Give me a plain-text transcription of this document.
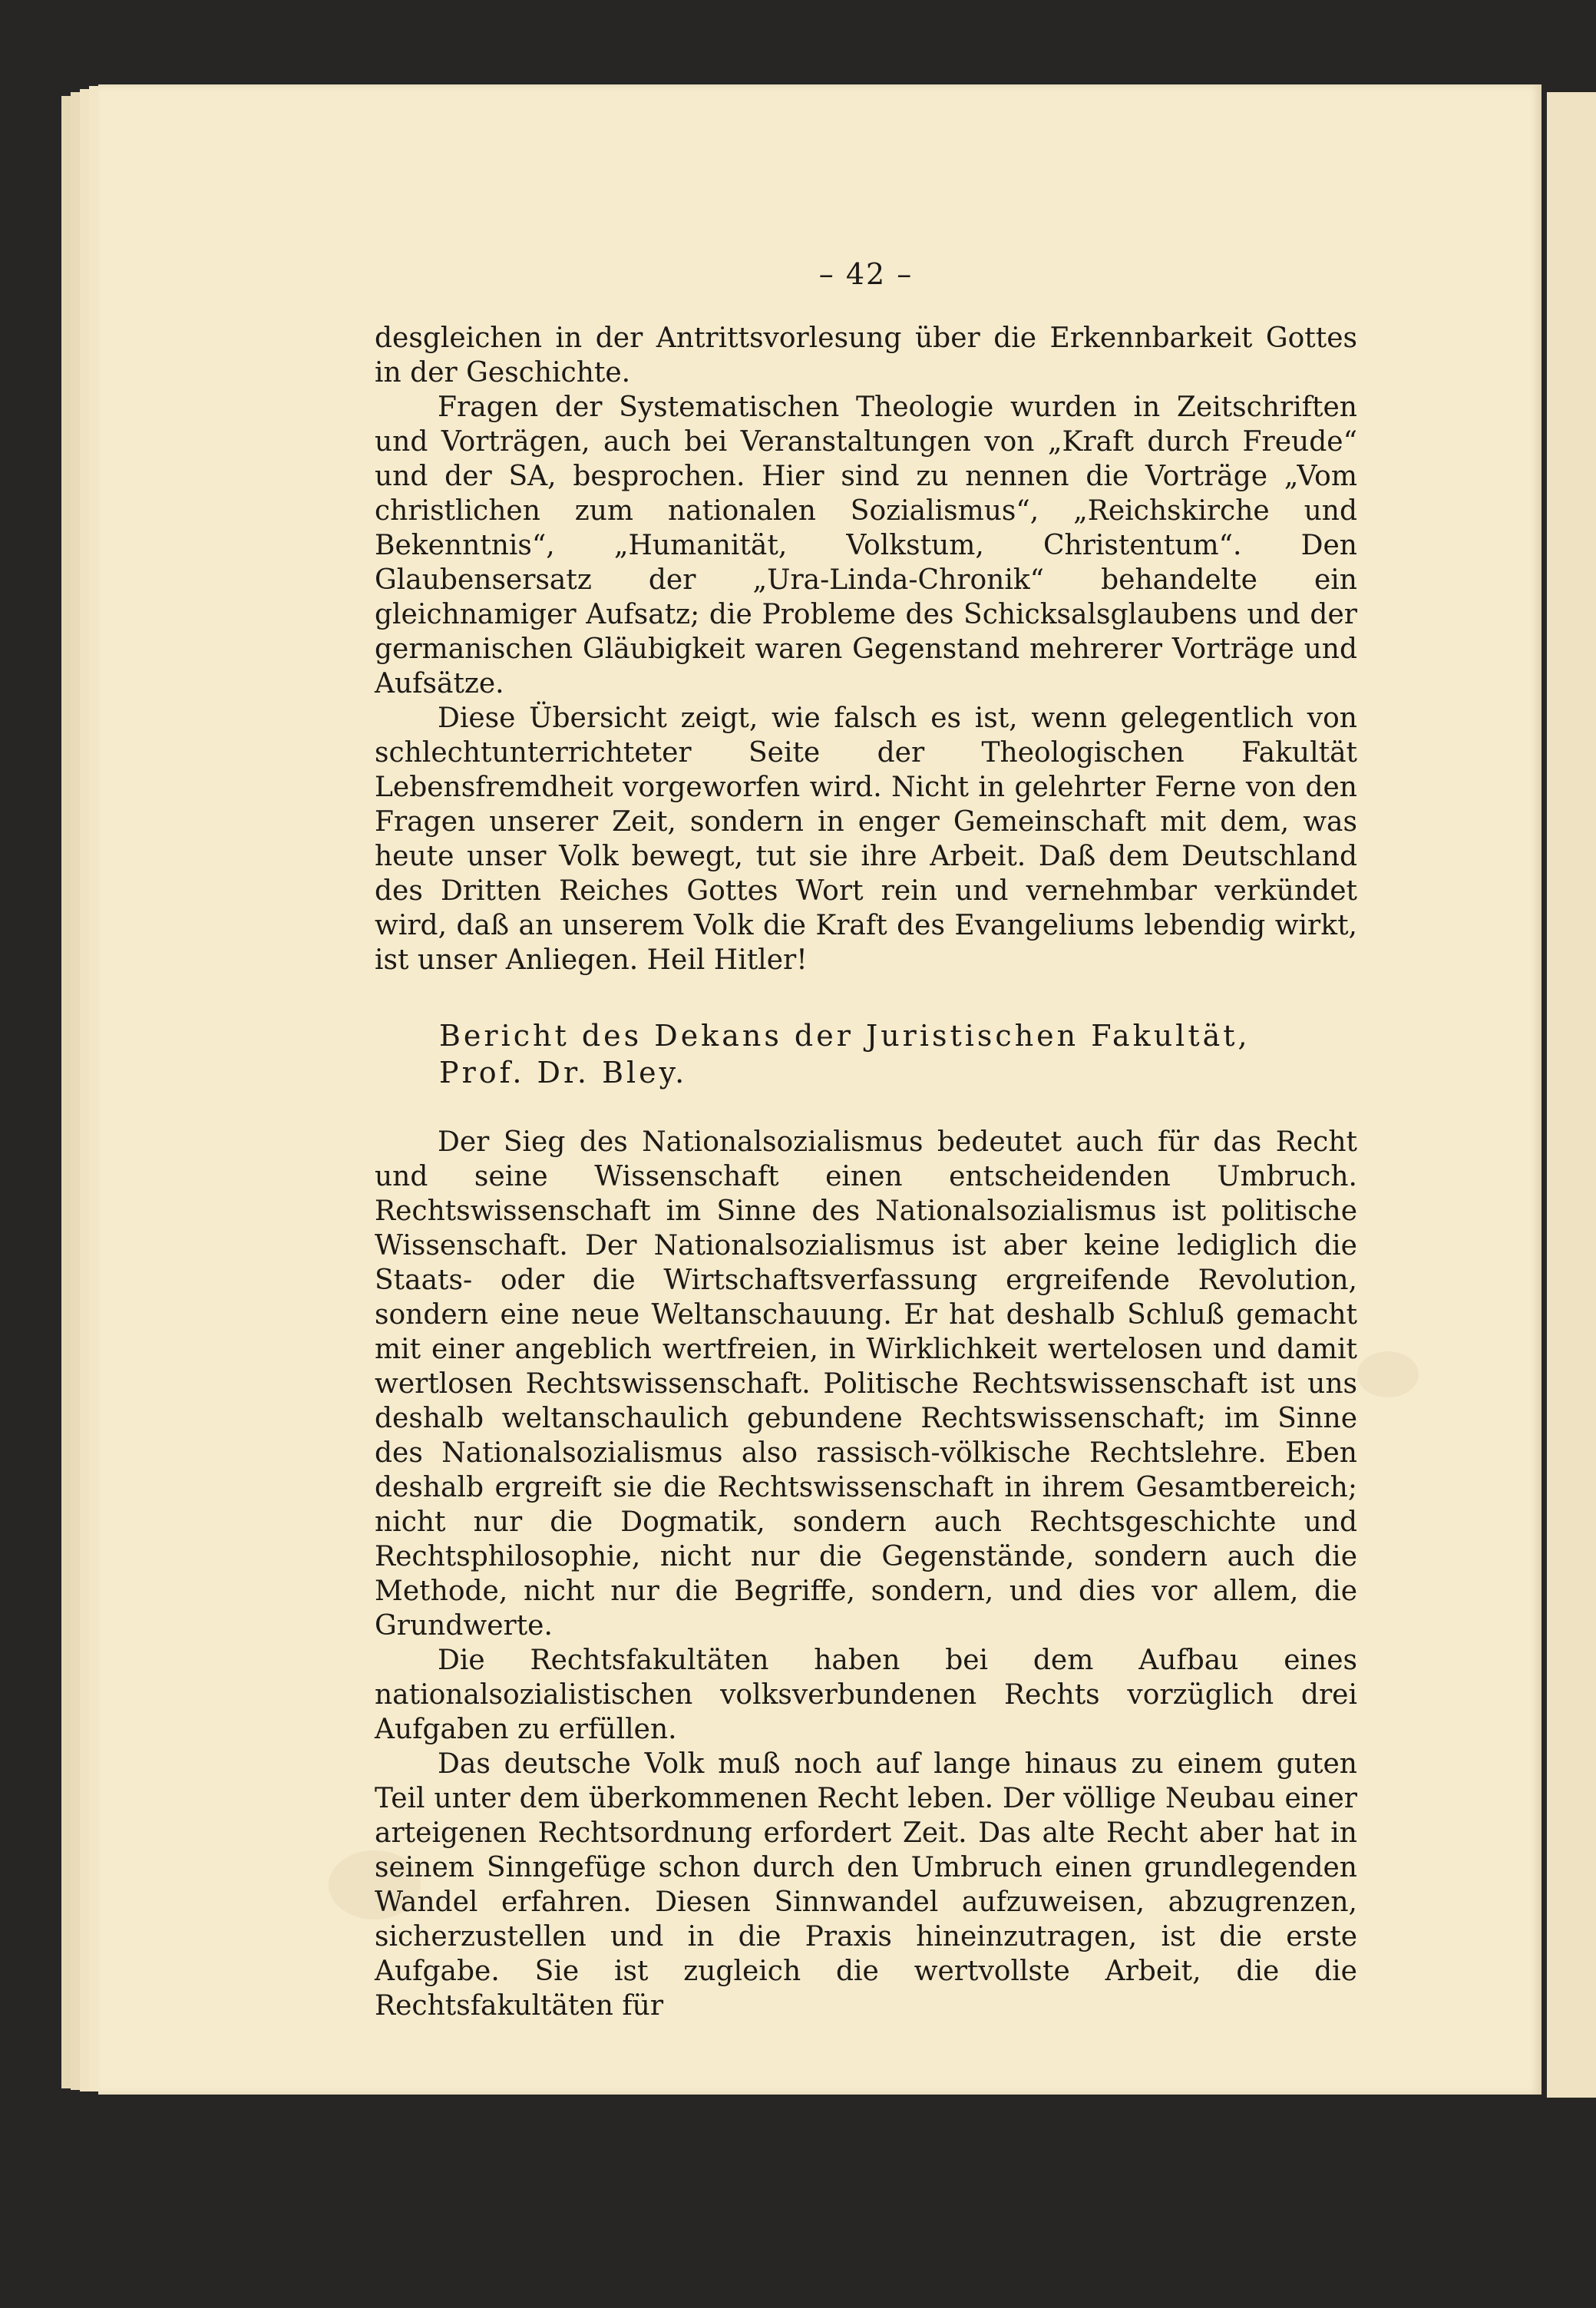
– 42 –

desgleichen in der Antrittsvorlesung über die Erkennbarkeit Gottes in der Geschichte.

Fragen der Systematischen Theologie wurden in Zeitschriften und Vorträgen, auch bei Veranstaltungen von „Kraft durch Freude“ und der SA, besprochen. Hier sind zu nennen die Vorträge „Vom christlichen zum nationalen Sozialismus“, „Reichskirche und Bekenntnis“, „Humanität, Volkstum, Christentum“. Den Glaubensersatz der „Ura-Linda-Chronik“ behandelte ein gleichnamiger Aufsatz; die Probleme des Schicksalsglaubens und der germanischen Gläubigkeit waren Gegenstand mehrerer Vorträge und Aufsätze.

Diese Übersicht zeigt, wie falsch es ist, wenn gelegentlich von schlechtunterrichteter Seite der Theologischen Fakultät Lebensfremdheit vorgeworfen wird. Nicht in gelehrter Ferne von den Fragen unserer Zeit, sondern in enger Gemeinschaft mit dem, was heute unser Volk bewegt, tut sie ihre Arbeit. Daß dem Deutschland des Dritten Reiches Gottes Wort rein und vernehmbar verkündet wird, daß an unserem Volk die Kraft des Evangeliums lebendig wirkt, ist unser Anliegen. Heil Hitler!

Bericht des Dekans der Juristischen Fakultät,

Prof. Dr. Bley.

Der Sieg des Nationalsozialismus bedeutet auch für das Recht und seine Wissenschaft einen entscheidenden Umbruch. Rechtswissenschaft im Sinne des Nationalsozialismus ist politische Wissenschaft. Der Nationalsozialismus ist aber keine lediglich die Staats- oder die Wirtschaftsverfassung ergreifende Revolution, sondern eine neue Weltanschauung. Er hat deshalb Schluß gemacht mit einer angeblich wertfreien, in Wirklichkeit wertelosen und damit wertlosen Rechtswissenschaft. Politische Rechtswissenschaft ist uns deshalb weltanschaulich gebundene Rechtswissenschaft; im Sinne des Nationalsozialismus also rassisch-völkische Rechtslehre. Eben deshalb ergreift sie die Rechtswissenschaft in ihrem Gesamtbereich; nicht nur die Dogmatik, sondern auch Rechtsgeschichte und Rechtsphilosophie, nicht nur die Gegenstände, sondern auch die Methode, nicht nur die Begriffe, sondern, und dies vor allem, die Grundwerte.

Die Rechtsfakultäten haben bei dem Aufbau eines nationalsozialistischen volksverbundenen Rechts vorzüglich drei Aufgaben zu erfüllen.

Das deutsche Volk muß noch auf lange hinaus zu einem guten Teil unter dem überkommenen Recht leben. Der völlige Neubau einer arteigenen Rechtsordnung erfordert Zeit. Das alte Recht aber hat in seinem Sinngefüge schon durch den Umbruch einen grundlegenden Wandel erfahren. Diesen Sinnwandel aufzuweisen, abzugrenzen, sicherzustellen und in die Praxis hineinzutragen, ist die erste Aufgabe. Sie ist zugleich die wertvollste Arbeit, die die Rechtsfakultäten für
